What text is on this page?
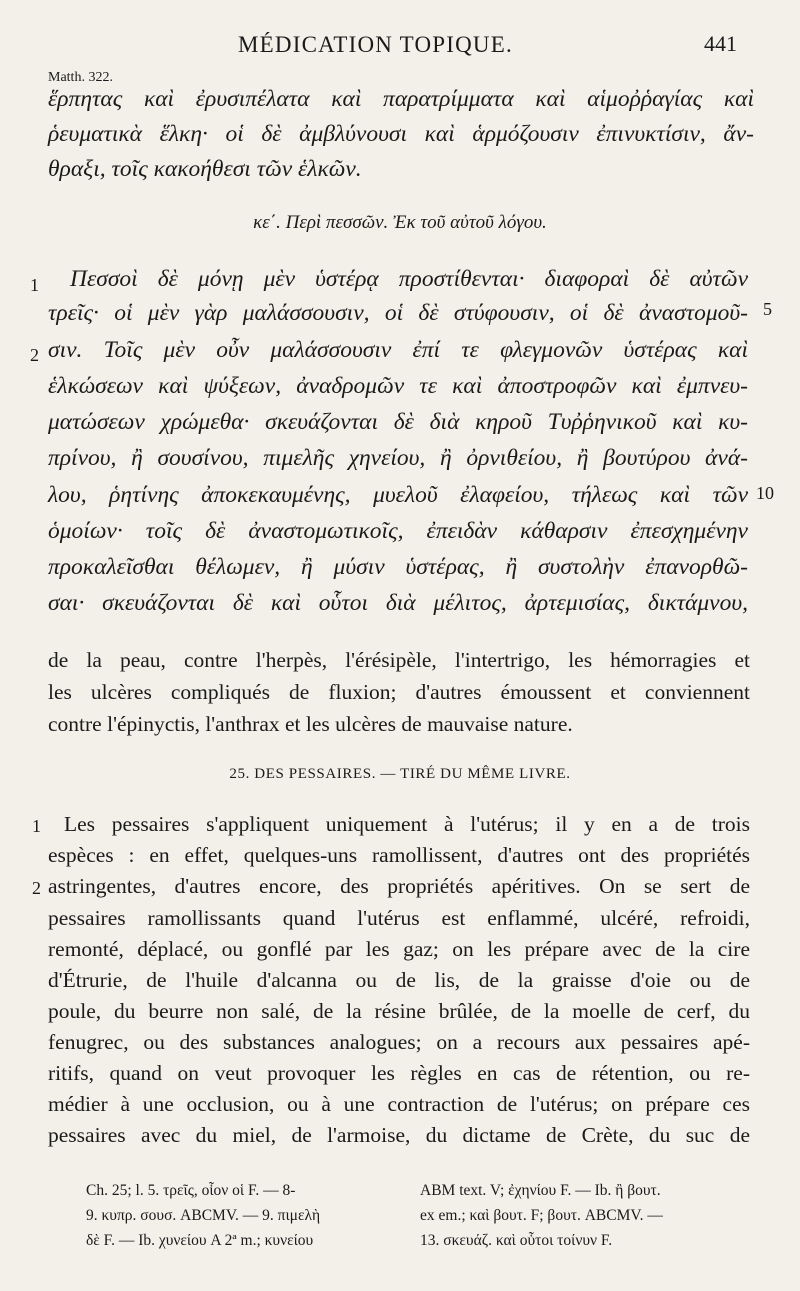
MÉDICATION TOPIQUE.	441
Matth. 322.
ἕρπητας καὶ ἐρυσιπέλατα καὶ παρατρίμματα καὶ αἱμοῤῥαγίας καὶ
ῥευματικὰ ἕλκη· οἱ δὲ ἀμβλύνουσι καὶ ἁρμόζουσιν ἐπινυκτίσιν, ἄν-
θραξι, τοῖς κακοήθεσι τῶν ἑλκῶν.
κε΄. Περὶ πεσσῶν. Ἐκ τοῦ αὐτοῦ λόγου.
1
2
5
10
Πεσσοὶ δὲ μόνῃ μὲν ὑστέρᾳ προστίθενται· διαφοραὶ δὲ αὐτῶν
τρεῖς· οἱ μὲν γὰρ μαλάσσουσιν, οἱ δὲ στύφουσιν, οἱ δὲ ἀναστομοῦ-
σιν. Τοῖς μὲν οὖν μαλάσσουσιν ἐπί τε φλεγμονῶν ὑστέρας καὶ
ἑλκώσεων καὶ ψύξεων, ἀναδρομῶν τε καὶ ἀποστροφῶν καὶ ἐμπνευ-
ματώσεων χρώμεθα· σκευάζονται δὲ διὰ κηροῦ Τυῤῥηνικοῦ καὶ κυ-
πρίνου, ἢ σουσίνου, πιμελῆς χηνείου, ἢ ὀρνιθείου, ἢ βουτύρου ἀνά-
λου, ῥητίνης ἀποκεκαυμένης, μυελοῦ ἐλαφείου, τήλεως καὶ τῶν
ὁμοίων· τοῖς δὲ ἀναστομωτικοῖς, ἐπειδὰν κάθαρσιν ἐπεσχημένην
προκαλεῖσθαι θέλωμεν, ἢ μύσιν ὑστέρας, ἢ συστολὴν ἐπανορθῶ-
σαι· σκευάζονται δὲ καὶ οὗτοι διὰ μέλιτος, ἀρτεμισίας, δικτάμνου,
de la peau, contre l'herpès, l'érésipèle, l'intertrigo, les hémorragies et
les ulcères compliqués de fluxion; d'autres émoussent et conviennent
contre l'épinyctis, l'anthrax et les ulcères de mauvaise nature.
25. DES PESSAIRES. — TIRÉ DU MÊME LIVRE.
1
2
Les pessaires s'appliquent uniquement à l'utérus; il y en a de trois
espèces : en effet, quelques-uns ramollissent, d'autres ont des propriétés
astringentes, d'autres encore, des propriétés apéritives. On se sert de
pessaires ramollissants quand l'utérus est enflammé, ulcéré, refroidi,
remonté, déplacé, ou gonflé par les gaz; on les prépare avec de la cire
d'Étrurie, de l'huile d'alcanna ou de lis, de la graisse d'oie ou de
poule, du beurre non salé, de la résine brûlée, de la moelle de cerf, du
fenugrec, ou des substances analogues; on a recours aux pessaires apé-
ritifs, quand on veut provoquer les règles en cas de rétention, ou re-
médier à une occlusion, ou à une contraction de l'utérus; on prépare ces
pessaires avec du miel, de l'armoise, du dictame de Crète, du suc de
Ch. 25; l. 5. τρεῖς, οἷον οἱ F. — 8-
9. κυπρ. σουσ. ABCMV. — 9. πιμελὴ
δὲ F. — Ib. χυνείου A 2ª m.; κυνείου
ABM text. V; ἐχηνίου F. — Ib. ἢ βουτ.
ex em.; καὶ βουτ. F; βουτ. ABCMV. —
13. σκευάζ. καὶ οὗτοι τοίνυν F.
